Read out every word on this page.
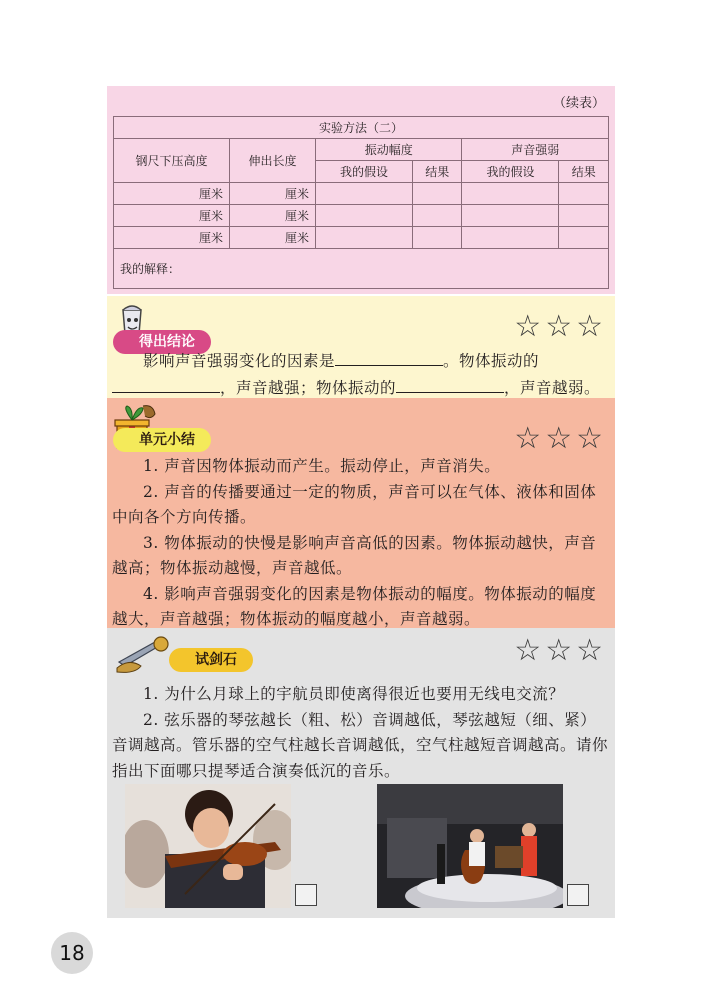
（续表）
实验方法（二）					
钢尺下压高度	伸出长度	振动幅度		声音强弱	
		我的假设	结果	我的假设	结果
厘米	厘米				
厘米	厘米				
厘米	厘米				
我的解释：					
得出结论	☆ ☆ ☆
影响声音强弱变化的因素是	。物体振动的
，声音越强；物体振动的	，声音越弱。
单元小结	☆ ☆ ☆
1. 声音因物体振动而产生。振动停止，声音消失。
2. 声音的传播要通过一定的物质，声音可以在气体、液体和固体中向各个方向传播。
3. 物体振动的快慢是影响声音高低的因素。物体振动越快，声音越高；物体振动越慢，声音越低。
4. 影响声音强弱变化的因素是物体振动的幅度。物体振动的幅度越大，声音越强；物体振动的幅度越小，声音越弱。
试剑石	☆ ☆ ☆
1. 为什么月球上的宇航员即使离得很近也要用无线电交流？
2. 弦乐器的琴弦越长（粗、松）音调越低，琴弦越短（细、紧）音调越高。管乐器的空气柱越长音调越低，空气柱越短音调越高。请你指出下面哪只提琴适合演奏低沉的音乐。
18
